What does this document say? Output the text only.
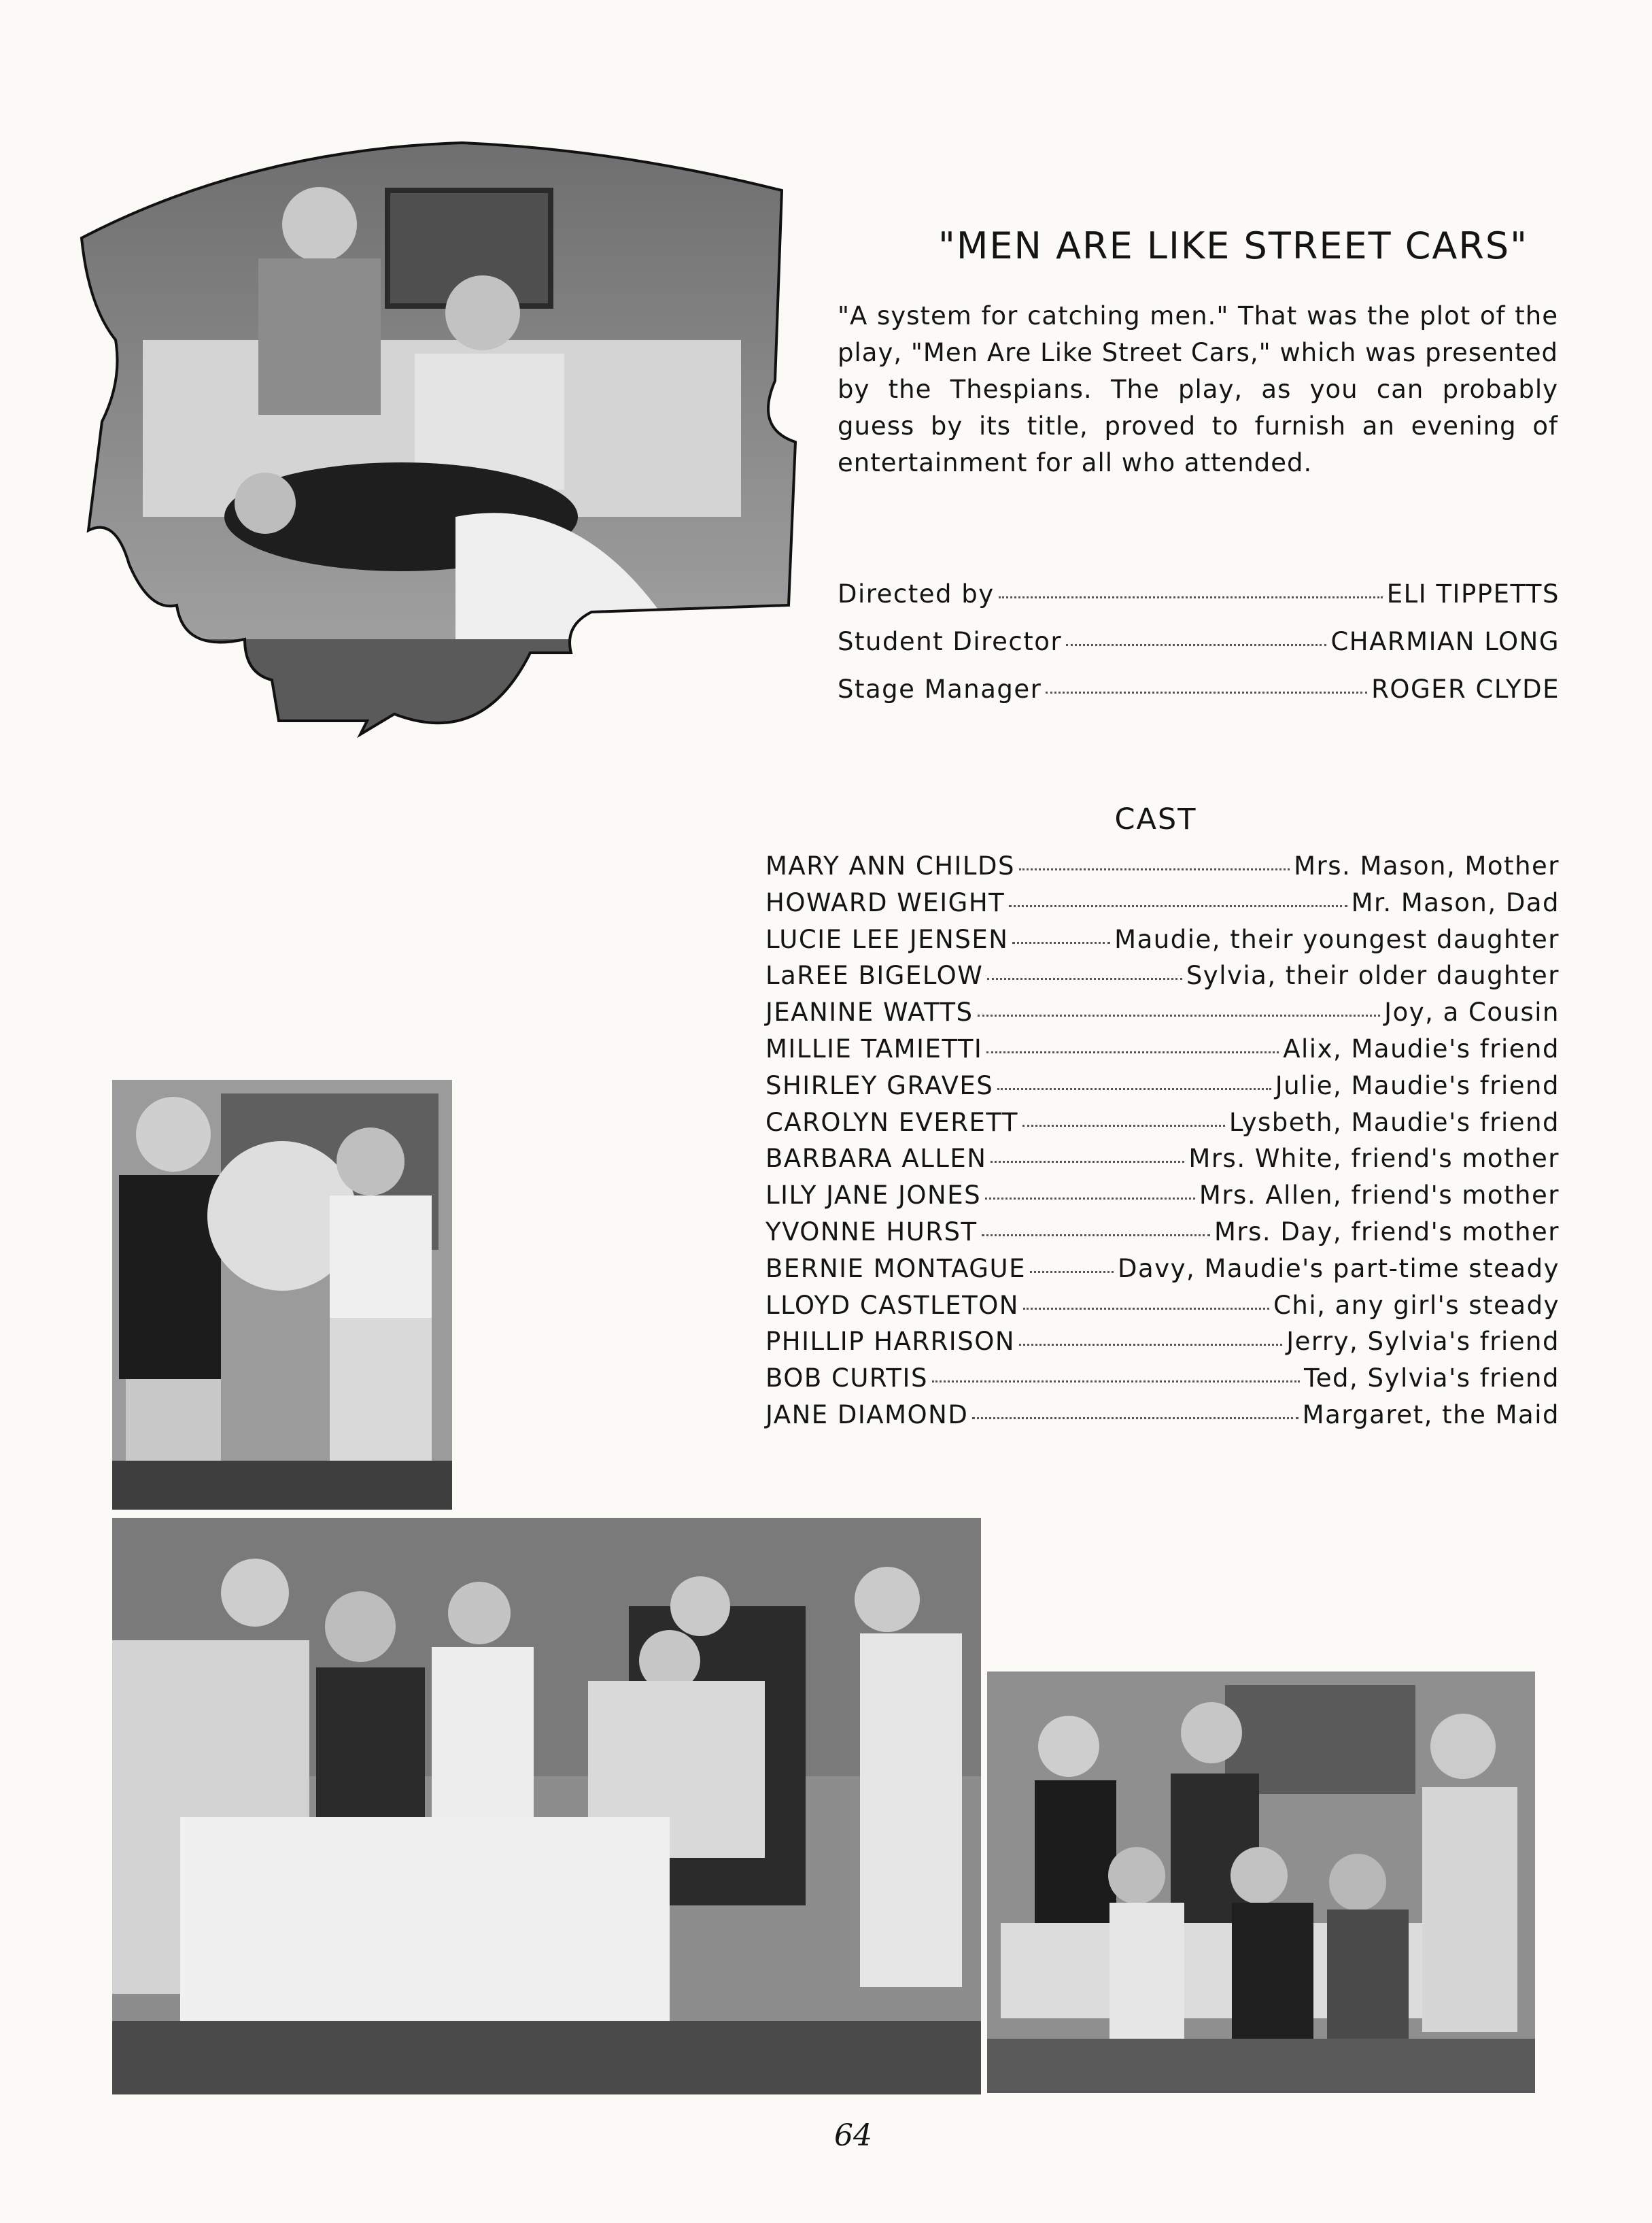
"MEN ARE LIKE STREET CARS"
"A system for catching men." That was the plot of the play, "Men Are Like Street Cars," which was presented by the Thespians. The play, as you can probably guess by its title, proved to furnish an evening of entertainment for all who attended.
Directed by	ELI TIPPETTS
Student Director	CHARMIAN LONG
Stage Manager	ROGER CLYDE
CAST
MARY ANN CHILDS	Mrs. Mason, Mother
HOWARD WEIGHT	Mr. Mason, Dad
LUCIE LEE JENSEN	Maudie, their youngest daughter
LaREE BIGELOW	Sylvia, their older daughter
JEANINE WATTS	Joy, a Cousin
MILLIE TAMIETTI	Alix, Maudie's friend
SHIRLEY GRAVES	Julie, Maudie's friend
CAROLYN EVERETT	Lysbeth, Maudie's friend
BARBARA ALLEN	Mrs. White, friend's mother
LILY JANE JONES	Mrs. Allen, friend's mother
YVONNE HURST	Mrs. Day, friend's mother
BERNIE MONTAGUE	Davy, Maudie's part-time steady
LLOYD CASTLETON	Chi, any girl's steady
PHILLIP HARRISON	Jerry, Sylvia's friend
BOB CURTIS	Ted, Sylvia's friend
JANE DIAMOND	Margaret, the Maid
64
